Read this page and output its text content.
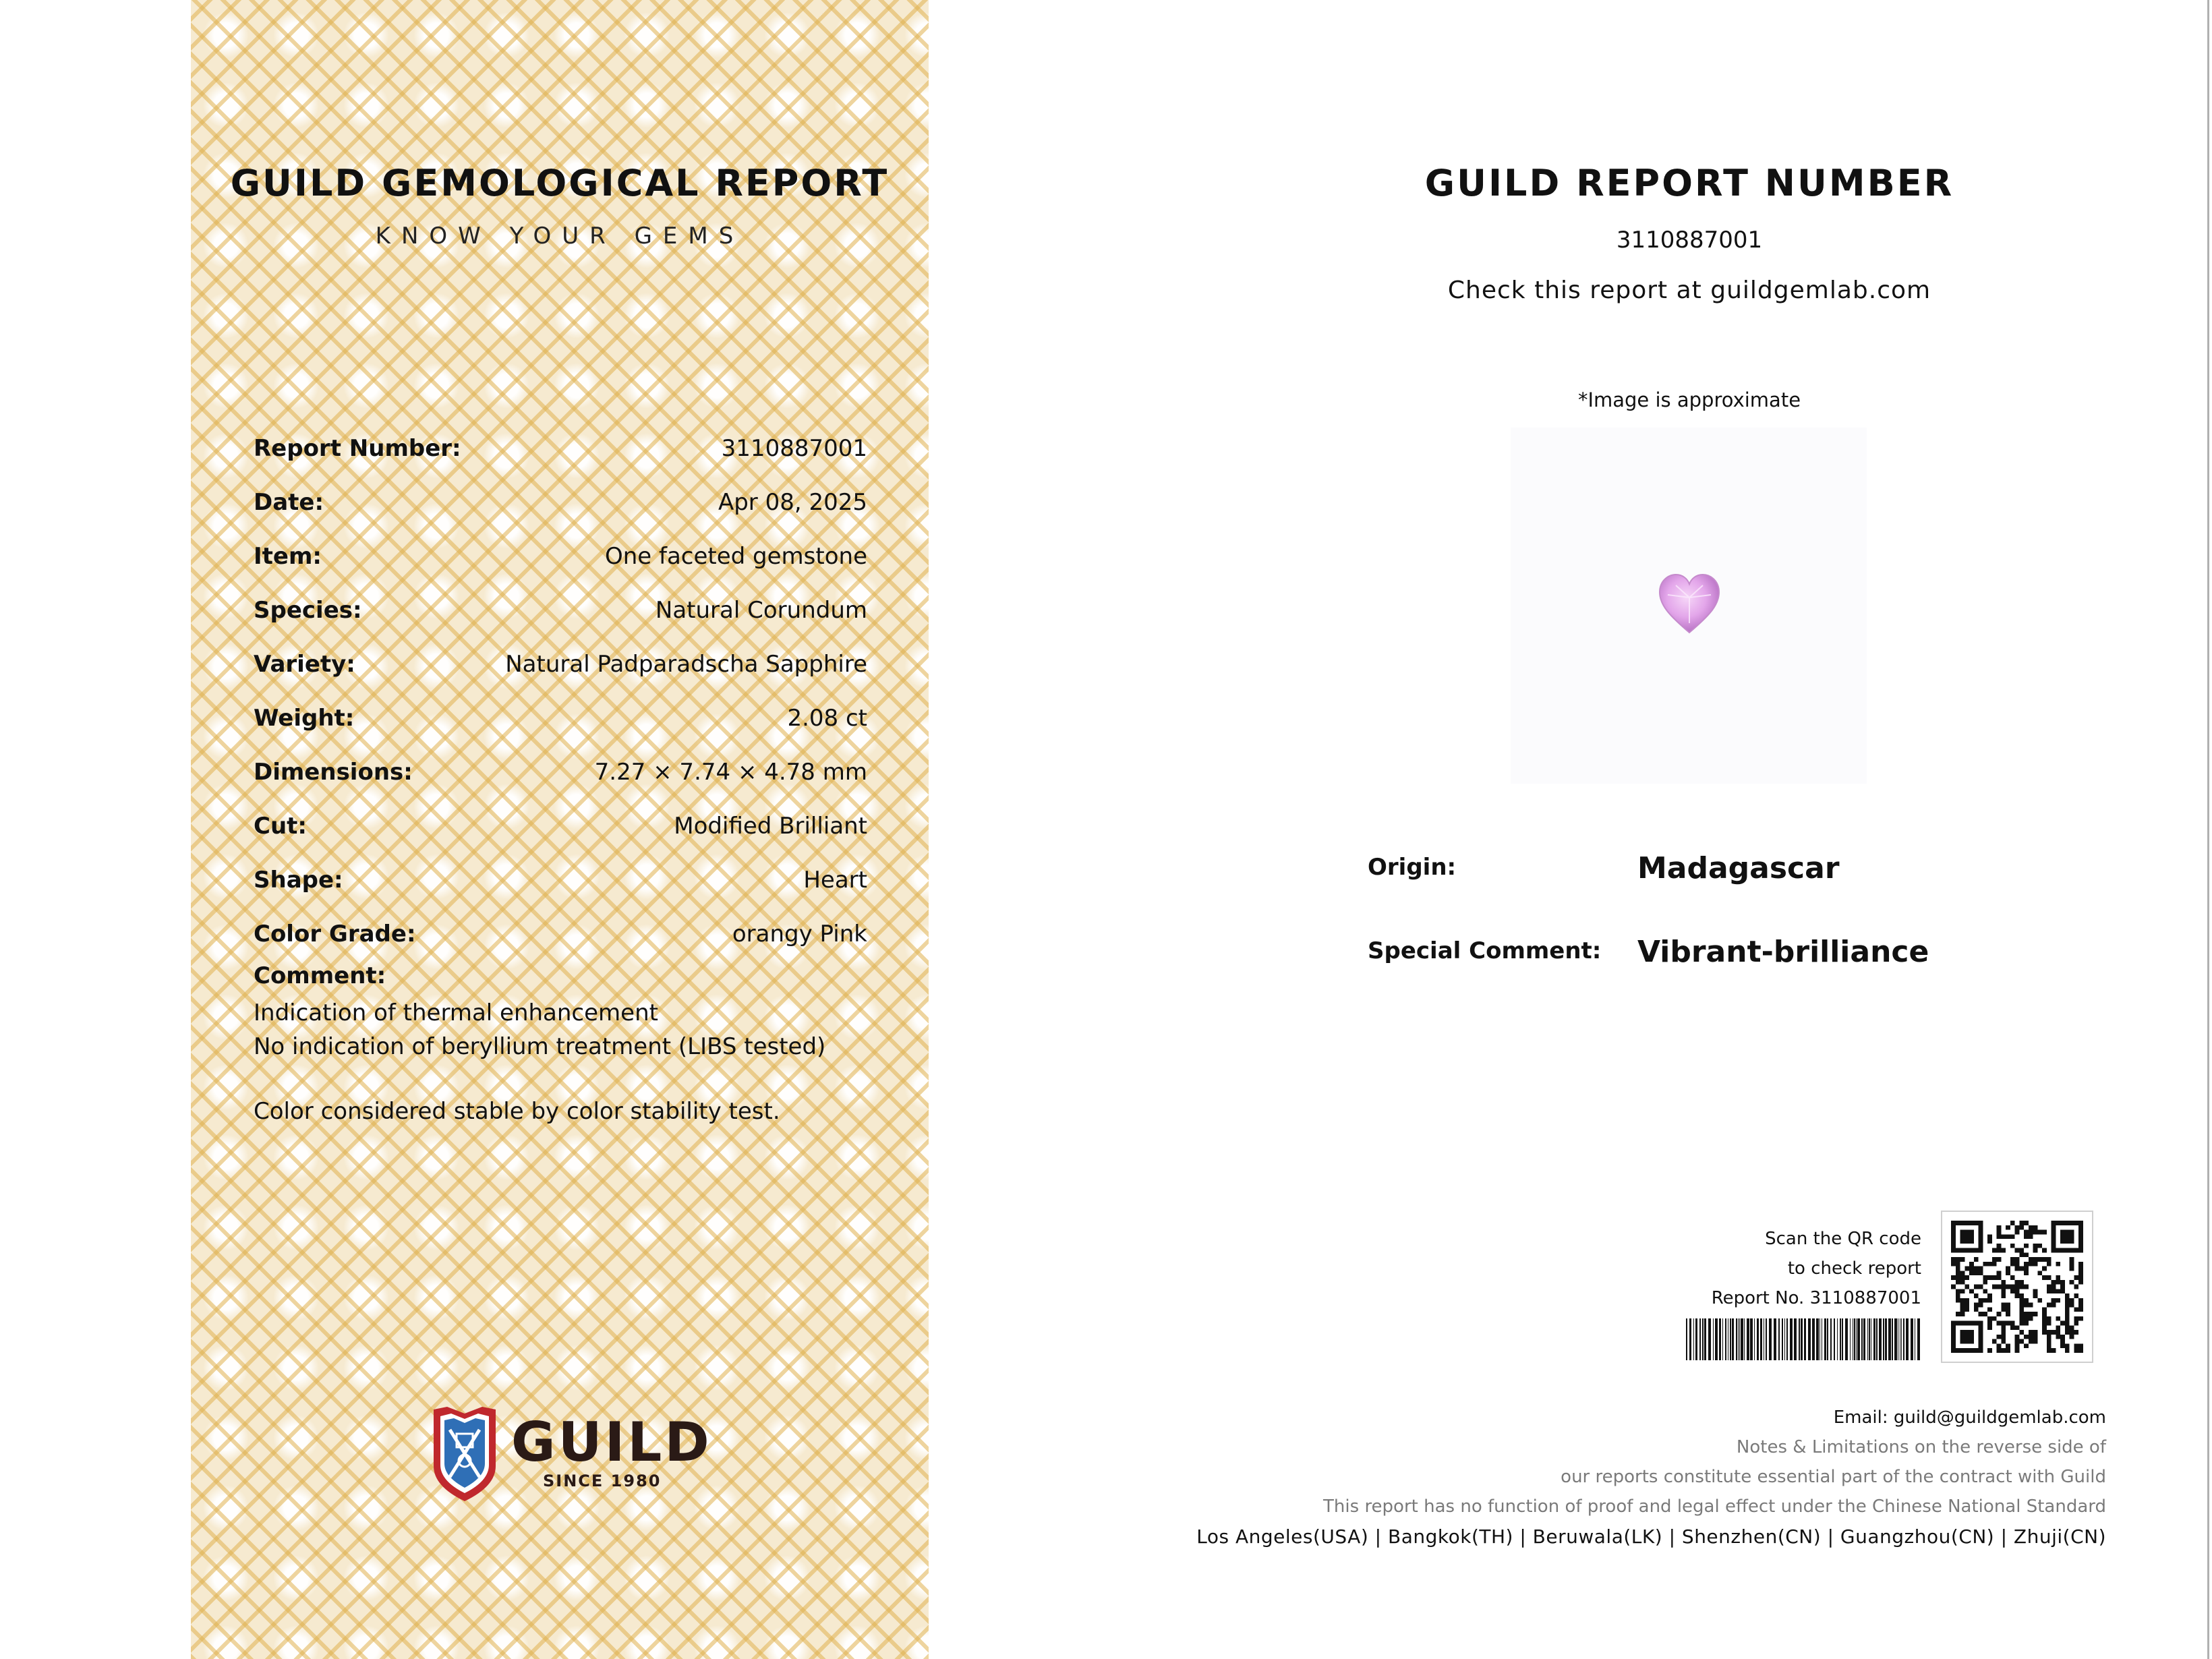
GUILD GEMOLOGICAL REPORT
KNOW YOUR GEMS
Report Number:	3110887001
Date:	Apr 08, 2025
Item:	One faceted gemstone
Species:	Natural Corundum
Variety:	Natural Padparadscha Sapphire
Weight:	2.08 ct
Dimensions:	7.27 × 7.74 × 4.78 mm
Cut:	Modified Brilliant
Shape:	Heart
Color Grade:	orangy Pink
Comment:
Indication of thermal enhancement
No indication of beryllium treatment (LIBS tested)
Color considered stable by color stability test.
GUILD
SINCE 1980
GUILD REPORT NUMBER
3110887001
Check this report at guildgemlab.com
*Image is approximate
Origin:	Madagascar
Special Comment: Vibrant-brilliance
Scan the QR code
to check report
Report No. 3110887001
Email: guild@guildgemlab.com
Notes & Limitations on the reverse side of
our reports constitute essential part of the contract with Guild
This report has no function of proof and legal effect under the Chinese National Standard
Los Angeles(USA) | Bangkok(TH) | Beruwala(LK) | Shenzhen(CN) | Guangzhou(CN) | Zhuji(CN)
